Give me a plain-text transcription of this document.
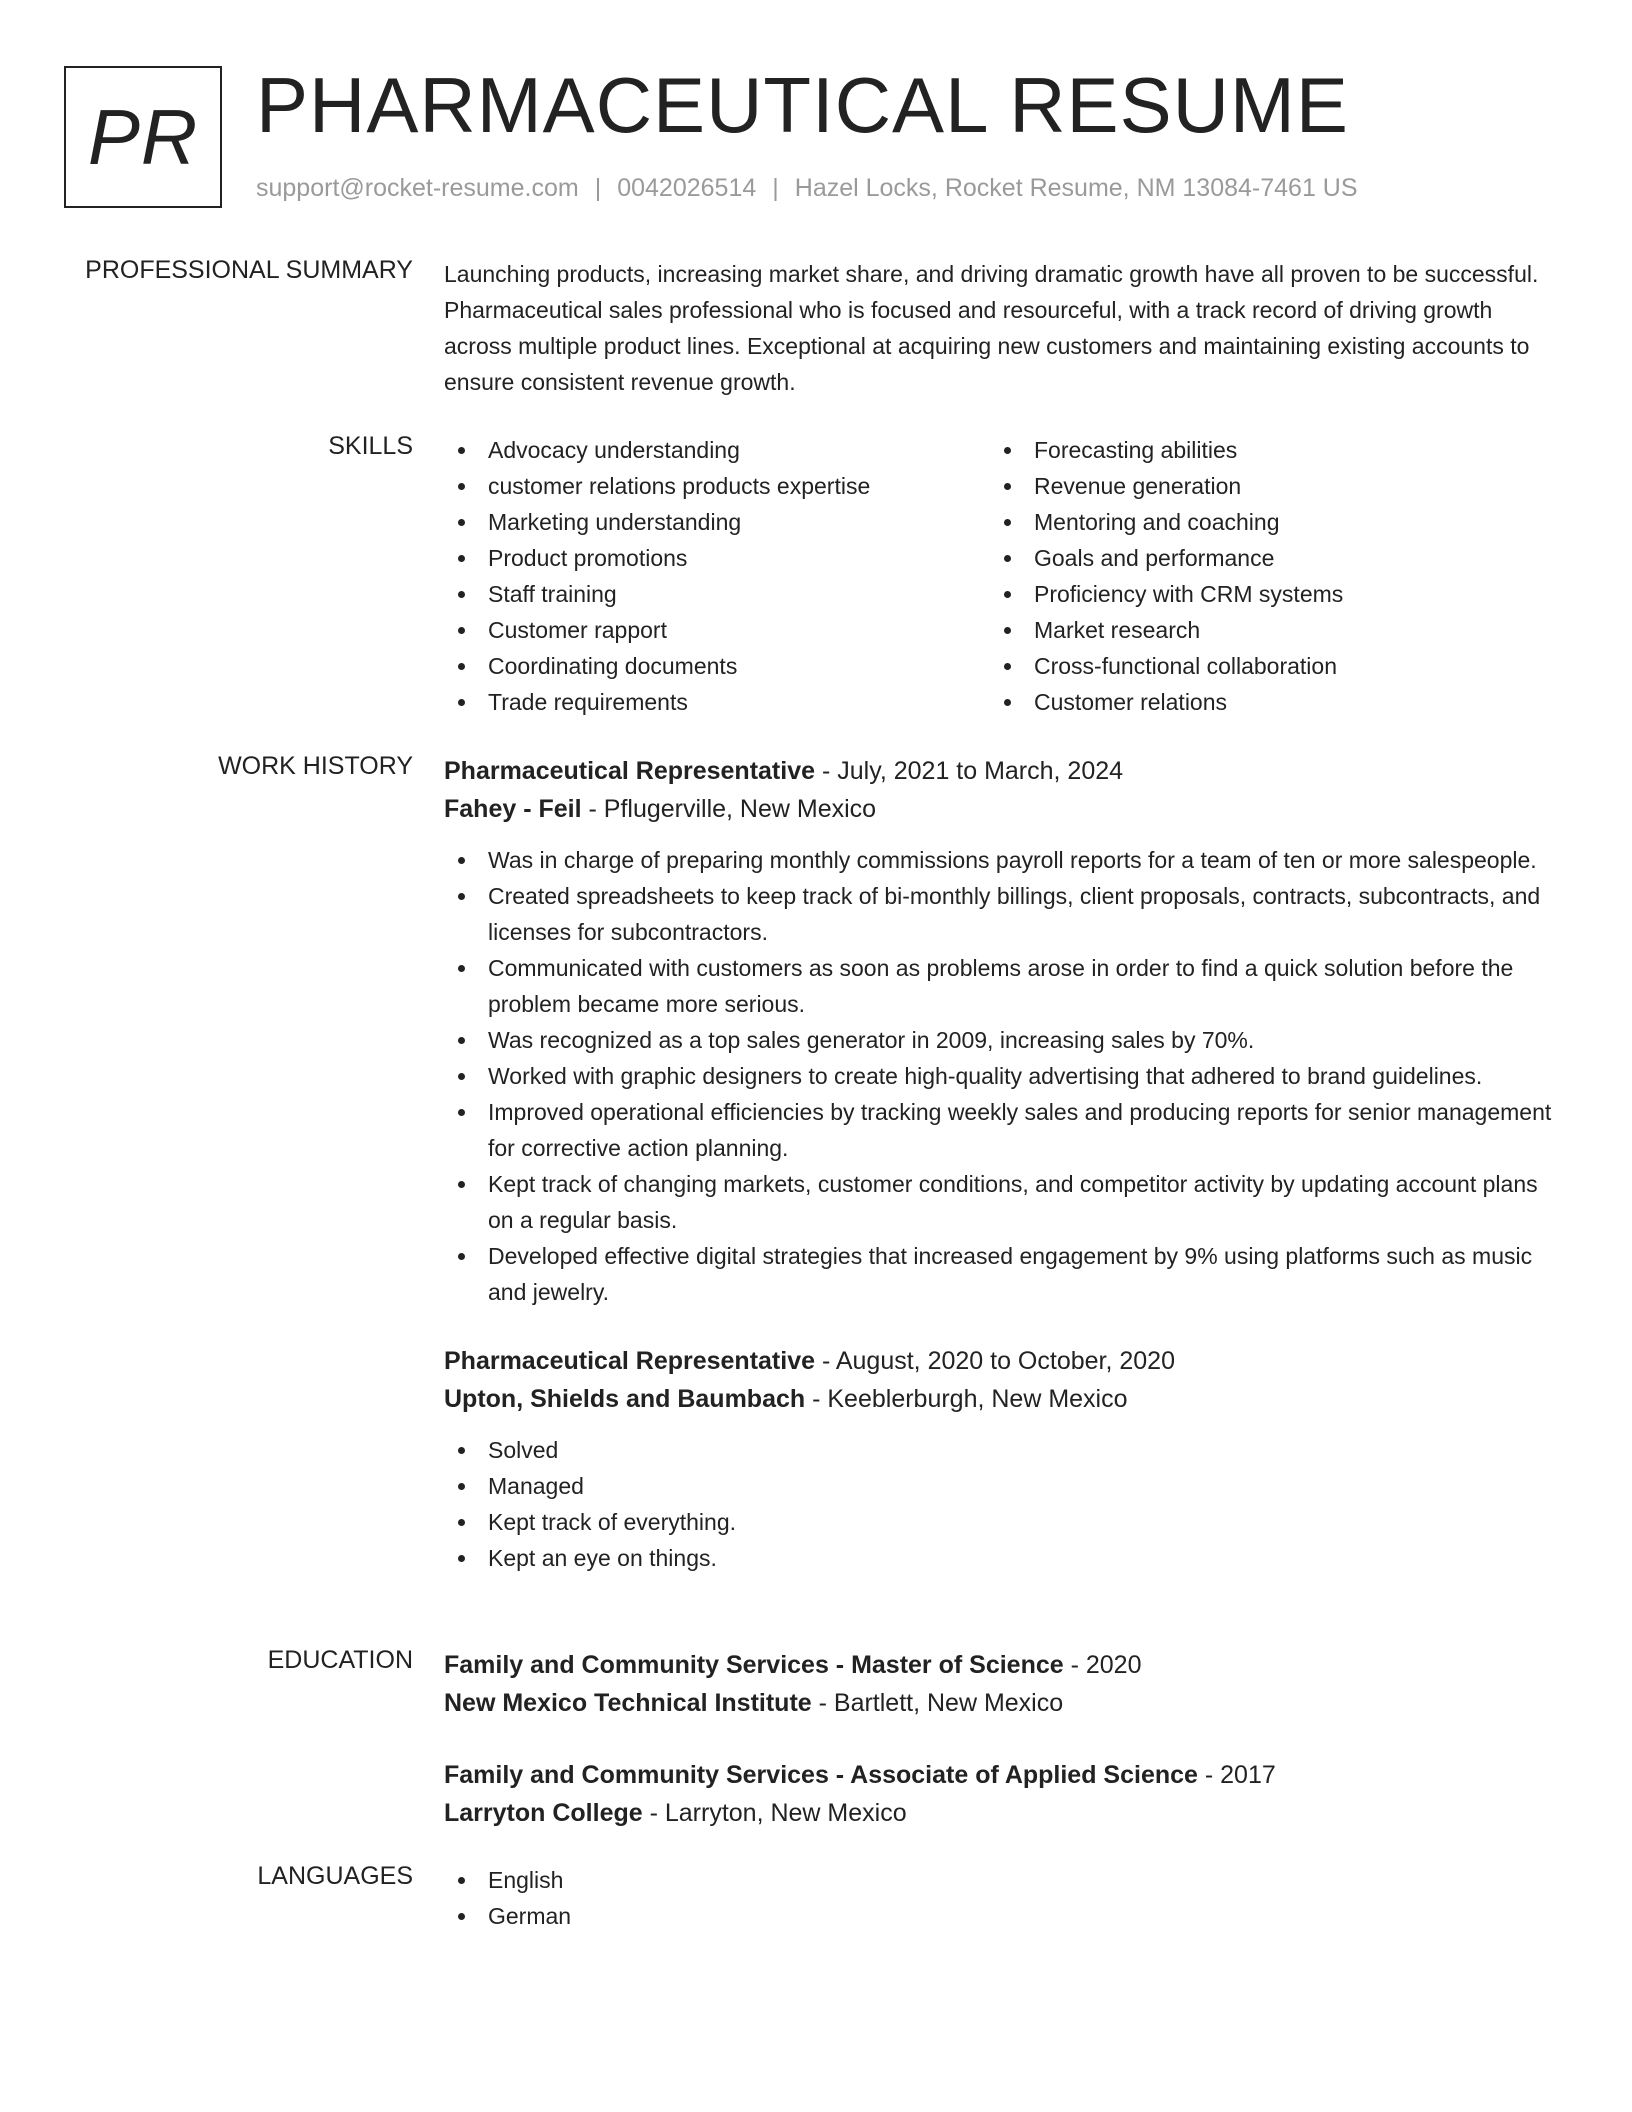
PR PHARMACEUTICAL RESUME
support@rocket-resume.com | 0042026514 | Hazel Locks, Rocket Resume, NM 13084-7461 US
PROFESSIONAL SUMMARY Launching products, increasing market share, and driving dramatic growth have all proven to be successful. Pharmaceutical sales professional who is focused and resourceful, with a track record of driving growth across multiple product lines. Exceptional at acquiring new customers and maintaining existing accounts to ensure consistent revenue growth.
SKILLS	Advocacy understanding
customer relations products expertise
Marketing understanding
Product promotions
Staff training
Customer rapport
Coordinating documents
Trade requirements
Forecasting abilities
Revenue generation
Mentoring and coaching
Goals and performance
Proficiency with CRM systems
Market research
Cross-functional collaboration
Customer relations
WORK HISTORY Pharmaceutical Representative - July, 2021 to March, 2024
Fahey - Feil - Pflugerville, New Mexico
Was in charge of preparing monthly commissions payroll reports for a team of ten or more salespeople.
Created spreadsheets to keep track of bi-monthly billings, client proposals, contracts, subcontracts, and licenses for subcontractors.
Communicated with customers as soon as problems arose in order to find a quick solution before the problem became more serious.
Was recognized as a top sales generator in 2009, increasing sales by 70%.
Worked with graphic designers to create high-quality advertising that adhered to brand guidelines.
Improved operational efficiencies by tracking weekly sales and producing reports for senior management for corrective action planning.
Kept track of changing markets, customer conditions, and competitor activity by updating account plans on a regular basis.
Developed effective digital strategies that increased engagement by 9% using platforms such as music and jewelry.
Pharmaceutical Representative - August, 2020 to October, 2020
Upton, Shields and Baumbach - Keeblerburgh, New Mexico
Solved
Managed
Kept track of everything.
Kept an eye on things.
EDUCATION Family and Community Services - Master of Science - 2020
New Mexico Technical Institute - Bartlett, New Mexico
Family and Community Services - Associate of Applied Science - 2017
Larryton College - Larryton, New Mexico
LANGUAGES	English
German
